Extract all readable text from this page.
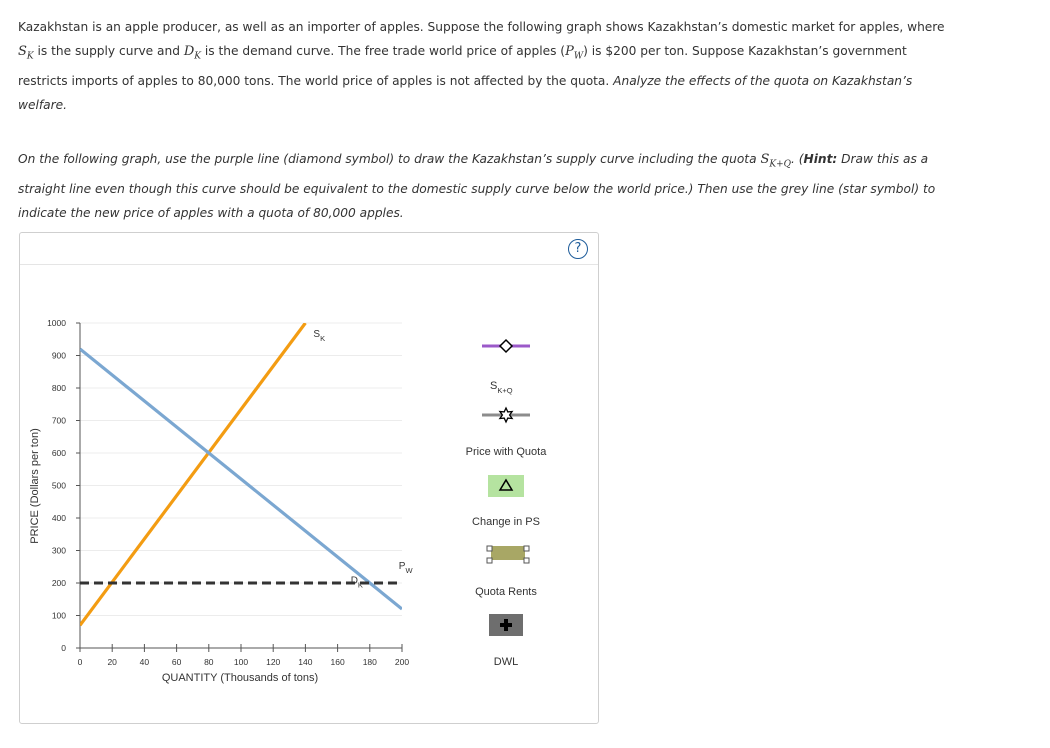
Kazakhstan is an apple producer, as well as an importer of apples. Suppose the following graph shows Kazakhstan’s domestic market for apples, where
$S_K$ is the supply curve and $D_K$ is the demand curve. The free trade world price of apples $(P_W)$ is $200 per ton. Suppose Kazakhstan’s government
restricts imports of apples to 80,000 tons. The world price of apples is not affected by the quota. Analyze the effects of the quota on Kazakhstan’s
welfare.

On the following graph, use the purple line (diamond symbol) to draw the Kazakhstan’s supply curve including the quota $S_{K+Q}$. (Hint: Draw this as a
straight line even though this curve should be equivalent to the domestic supply curve below the world price.) Then use the grey line (star symbol) to
indicate the new price of apples with a quota of 80,000 apples.

?
0
100
200
300
400
500
600
700
800
900
1000
0	20	40	60	80 100 120 140 160 180 200
$S_K$
$D_K$
$P_W$
QUANTITY (Thousands of tons)
PRICE (Dollars per ton)
$S_{K+Q}$
Price with Quota
Change in PS
Quota Rents
DWL
